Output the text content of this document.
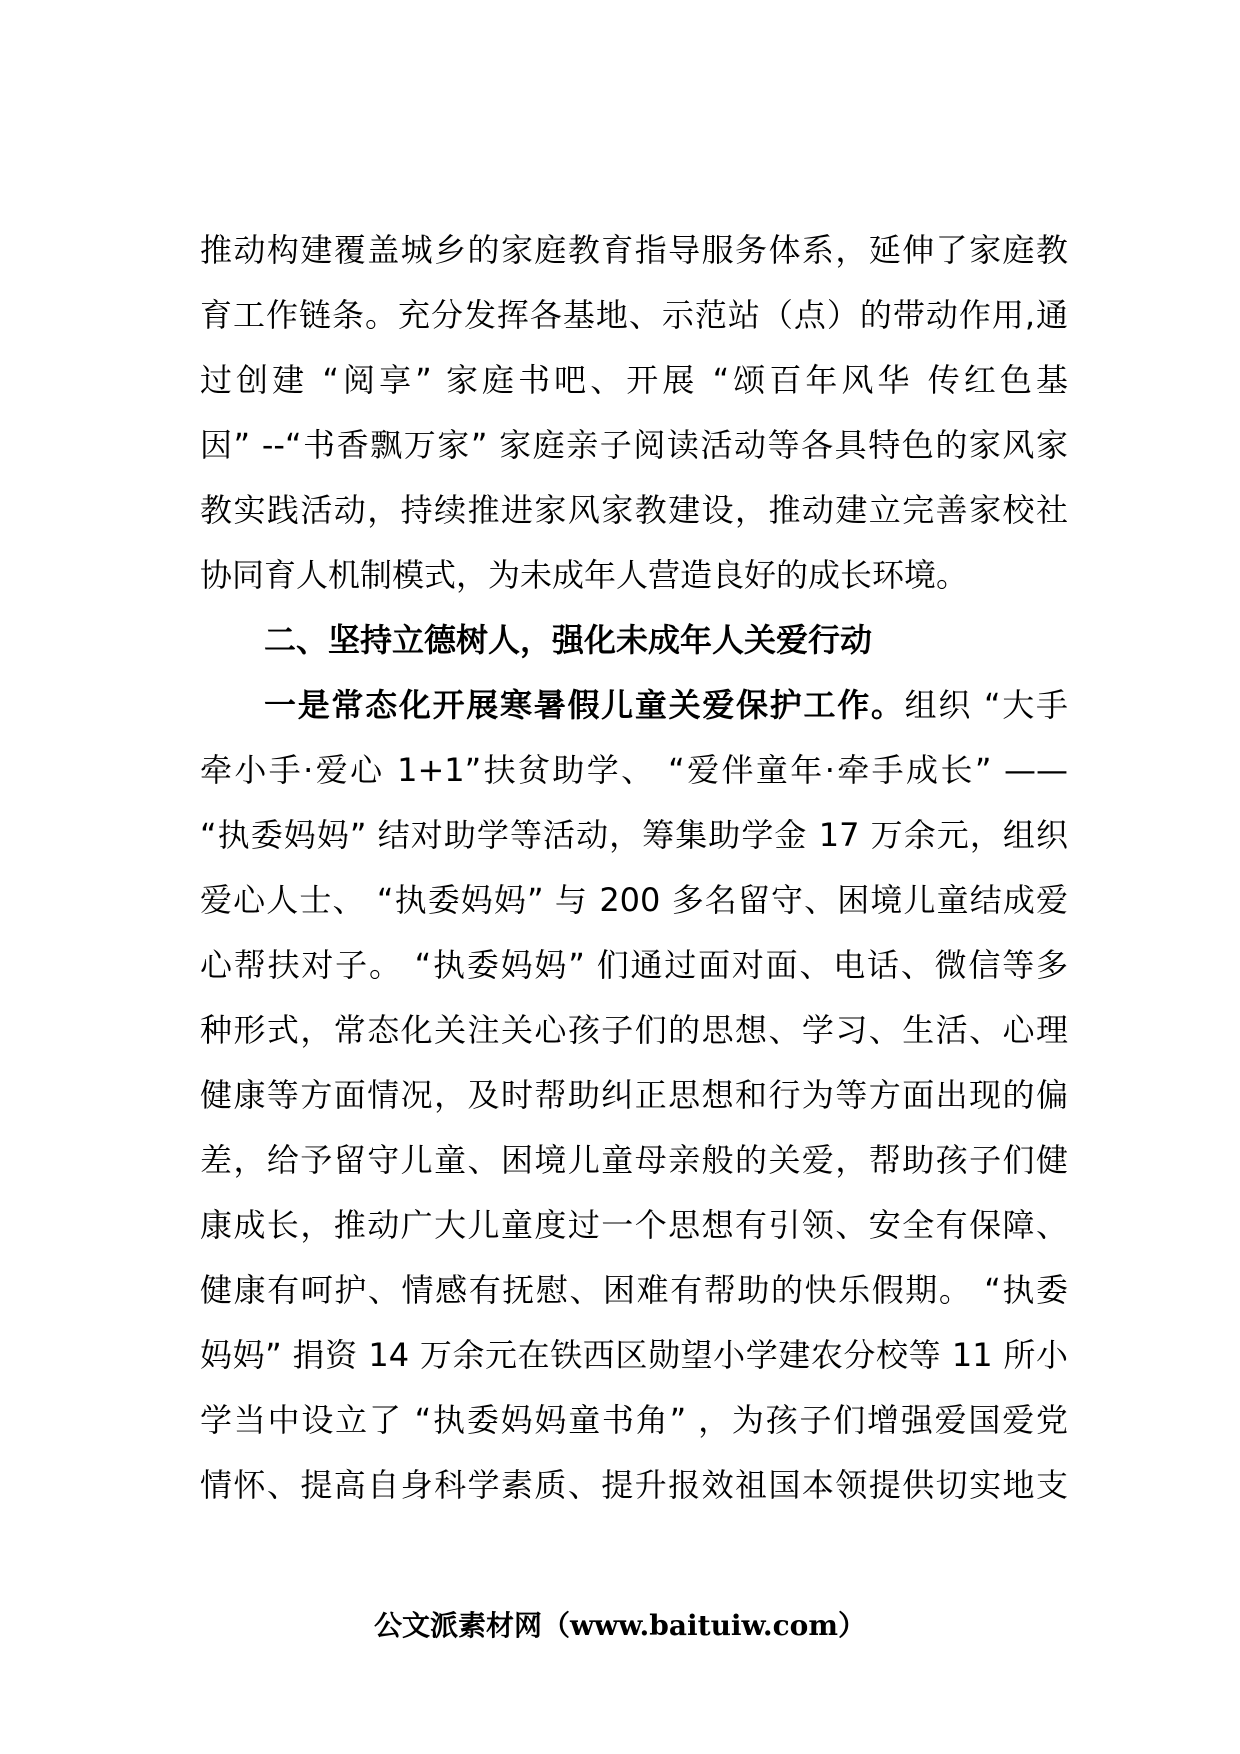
推动构建覆盖城乡的家庭教育指导服务体系，延伸了家庭教
育工作链条。充分发挥各基地、示范站（点）的带动作用,通
过创建 “阅享” 家庭书吧、开展 “颂百年风华 传红色基
因” --“书香飘万家” 家庭亲子阅读活动等各具特色的家风家
教实践活动，持续推进家风家教建设，推动建立完善家校社
协同育人机制模式，为未成年人营造良好的成长环境。
二、坚持立德树人，强化未成年人关爱行动
一是常态化开展寒暑假儿童关爱保护工作。组织 “大手
牵小手·爱心 1+1”扶贫助学、 “爱伴童年·牵手成长” ——
“执委妈妈” 结对助学等活动，筹集助学金 17 万余元，组织
爱心人士、 “执委妈妈” 与 200 多名留守、困境儿童结成爱
心帮扶对子。 “执委妈妈” 们通过面对面、电话、微信等多
种形式，常态化关注关心孩子们的思想、学习、生活、心理
健康等方面情况，及时帮助纠正思想和行为等方面出现的偏
差，给予留守儿童、困境儿童母亲般的关爱，帮助孩子们健
康成长，推动广大儿童度过一个思想有引领、安全有保障、
健康有呵护、情感有抚慰、困难有帮助的快乐假期。 “执委
妈妈” 捐资 14 万余元在铁西区勋望小学建农分校等 11 所小
学当中设立了 “执委妈妈童书角” ，为孩子们增强爱国爱党
情怀、提高自身科学素质、提升报效祖国本领提供切实地支
公文派素材网（www.baituiw.com）
